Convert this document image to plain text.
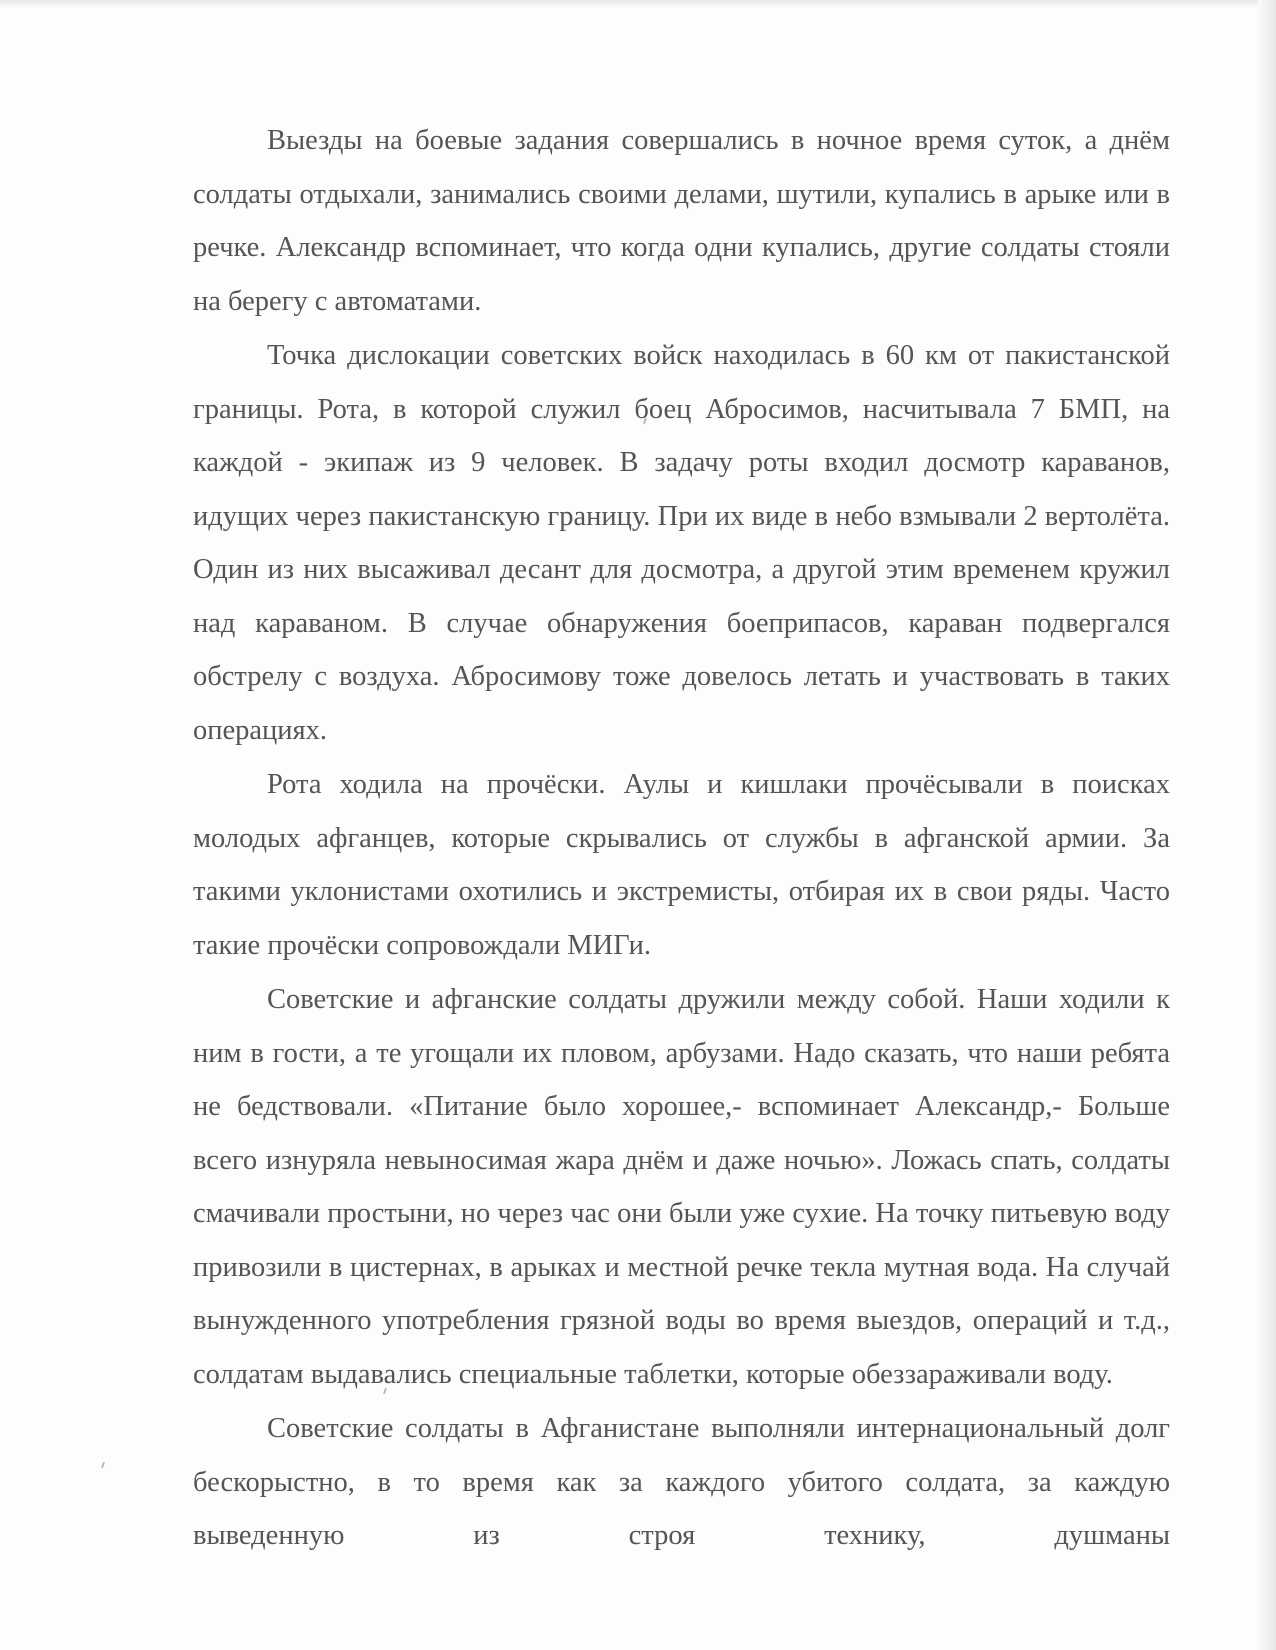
Выезды на боевые задания совершались в ночное время суток, а днём солдаты отдыхали, занимались своими делами, шутили, купались в арыке или в речке. Александр вспоминает, что когда одни купались, другие солдаты стояли на берегу с автоматами.

Точка дислокации советских войск находилась в 60 км от пакистанской границы. Рота, в которой служил боец Абросимов, насчитывала 7 БМП, на каждой - экипаж из 9 человек. В задачу роты входил досмотр караванов, идущих через пакистанскую границу. При их виде в небо взмывали 2 вертолёта. Один из них высаживал десант для досмотра, а другой этим временем кружил над караваном. В случае обнаружения боеприпасов, караван подвергался обстрелу с воздуха. Абросимову тоже довелось летать и участвовать в таких операциях.

Рота ходила на прочёски. Аулы и кишлаки прочёсывали в поисках молодых афганцев, которые скрывались от службы в афганской армии. За такими уклонистами охотились и экстремисты, отбирая их в свои ряды. Часто такие прочёски сопровождали МИГи.

Советские и афганские солдаты дружили между собой. Наши ходили к ним в гости, а те угощали их пловом, арбузами. Надо сказать, что наши ребята не бедствовали. «Питание было хорошее,- вспоминает Александр,- Больше всего изнуряла невыносимая жара днём и даже ночью». Ложась спать, солдаты смачивали простыни, но через час они были уже сухие. На точку питьевую воду привозили в цистернах, в арыках и местной речке текла мутная вода. На случай вынужденного употребления грязной воды во время выездов, операций и т.д., солдатам выдавались специальные таблетки, которые обеззараживали воду.

Советские солдаты в Афганистане выполняли интернациональный долг бескорыстно, в то время как за каждого убитого солдата, за каждую выведенную из строя технику, душманы
